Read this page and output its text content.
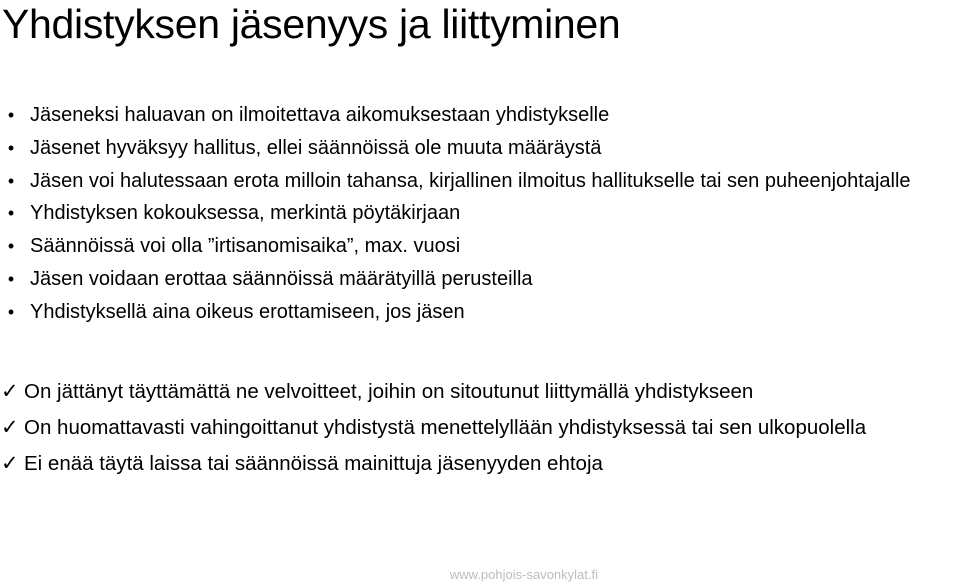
Yhdistyksen jäsenyys ja liittyminen
• Jäseneksi haluavan on ilmoitettava aikomuksestaan yhdistykselle
• Jäsenet hyväksyy hallitus, ellei säännöissä ole muuta määräystä
• Jäsen voi halutessaan erota milloin tahansa, kirjallinen ilmoitus hallitukselle tai sen puheenjohtajalle
• Yhdistyksen kokouksessa, merkintä pöytäkirjaan
• Säännöissä voi olla ”irtisanomisaika”, max. vuosi
• Jäsen voidaan erottaa säännöissä määrätyillä perusteilla
• Yhdistyksellä aina oikeus erottamiseen, jos jäsen
✓ On jättänyt täyttämättä ne velvoitteet, joihin on sitoutunut liittymällä yhdistykseen
✓ On huomattavasti vahingoittanut yhdistystä menettelyllään yhdistyksessä tai sen ulkopuolella
✓ Ei enää täytä laissa tai säännöissä mainittuja jäsenyyden ehtoja
www.pohjois-savonkylat.fi
